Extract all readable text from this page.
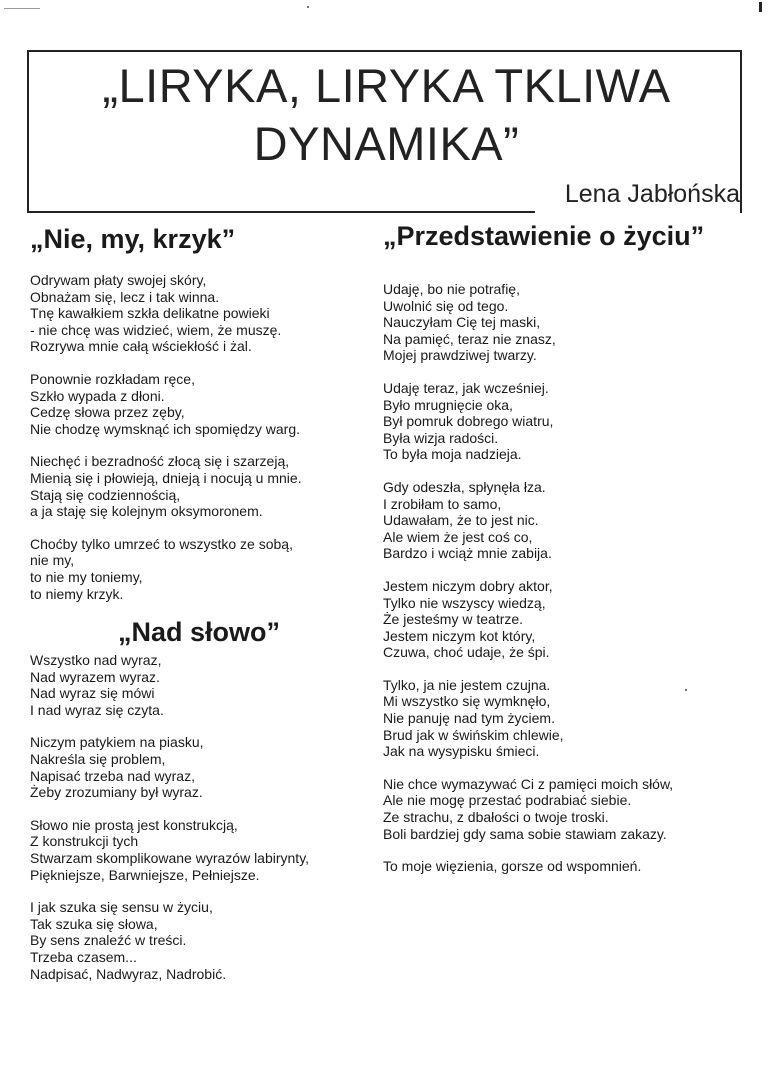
„LIRYKA, LIRYKA TKLIWA
DYNAMIKA”
Lena Jabłońska
„Nie, my, krzyk”
Odrywam płaty swojej skóry,
Obnażam się, lecz i tak winna.
Tnę kawałkiem szkła delikatne powieki
- nie chcę was widzieć, wiem, że muszę.
Rozrywa mnie całą wściekłość i żal.
Ponownie rozkładam ręce,
Szkło wypada z dłoni.
Cedzę słowa przez zęby,
Nie chodzę wymsknąć ich spomiędzy warg.
Niechęć i bezradność złocą się i szarzeją,
Mienią się i płowieją, dnieją i nocują u mnie.
Stają się codziennością,
a ja staję się kolejnym oksymoronem.
Choćby tylko umrzeć to wszystko ze sobą,
nie my,
to nie my toniemy,
to niemy krzyk.
„Nad słowo”
Wszystko nad wyraz,
Nad wyrazem wyraz.
Nad wyraz się mówi
I nad wyraz się czyta.
Niczym patykiem na piasku,
Nakreśla się problem,
Napisać trzeba nad wyraz,
Żeby zrozumiany był wyraz.
Słowo nie prostą jest konstrukcją,
Z konstrukcji tych
Stwarzam skomplikowane wyrazów labirynty,
Piękniejsze, Barwniejsze, Pełniejsze.
I jak szuka się sensu w życiu,
Tak szuka się słowa,
By sens znaleźć w treści.
Trzeba czasem...
Nadpisać, Nadwyraz, Nadrobić.
„Przedstawienie o życiu”
Udaję, bo nie potrafię,
Uwolnić się od tego.
Nauczyłam Cię tej maski,
Na pamięć, teraz nie znasz,
Mojej prawdziwej twarzy.
Udaję teraz, jak wcześniej.
Było mrugnięcie oka,
Był pomruk dobrego wiatru,
Była wizja radości.
To była moja nadzieja.
Gdy odeszła, spłynęła łza.
I zrobiłam to samo,
Udawałam, że to jest nic.
Ale wiem że jest coś co,
Bardzo i wciąż mnie zabija.
Jestem niczym dobry aktor,
Tylko nie wszyscy wiedzą,
Że jesteśmy w teatrze.
Jestem niczym kot który,
Czuwa, choć udaje, że śpi.
Tylko, ja nie jestem czujna.
Mi wszystko się wymknęło,
Nie panuję nad tym życiem.
Brud jak w świńskim chlewie,
Jak na wysypisku śmieci.
Nie chce wymazywać Ci z pamięci moich słów,
Ale nie mogę przestać podrabiać siebie.
Ze strachu, z dbałości o twoje troski.
Boli bardziej gdy sama sobie stawiam zakazy.
To moje więzienia, gorsze od wspomnień.
